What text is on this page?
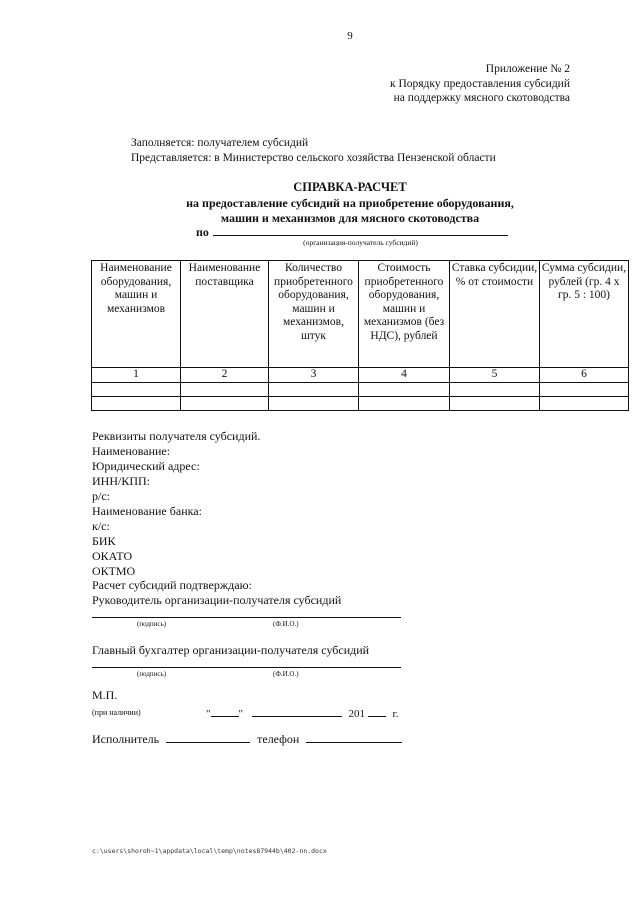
9
Приложение № 2
к Порядку предоставления субсидий
на поддержку мясного скотоводства
Заполняется: получателем субсидий
Представляется: в Министерство сельского хозяйства Пензенской области
СПРАВКА-РАСЧЕТ
на предоставление субсидий на приобретение оборудования,
машин и механизмов для мясного скотоводства
по
(организация-получатель субсидий)
Наименование оборудования, машин и механизмов	Наименование поставщика	Количество приобретенного оборудования, машин и механизмов, штук	Стоимость приобретенного оборудования, машин и механизмов (без НДС), рублей	Ставка субсидии, % от стоимости	Сумма субсидии, рублей (гр. 4 x гр. 5 : 100)
1	2	3	4	5	6

Реквизиты получателя субсидий.
Наименование:
Юридический адрес:
ИНН/КПП:
р/с:
Наименование банка:
к/с:
БИК
ОКАТО
ОКТМО
Расчет субсидий подтверждаю:
Руководитель организации-получателя субсидий
(подпись)	(Ф.И.О.)
Главный бухгалтер организации-получателя субсидий
(подпись)	(Ф.И.О.)
М.П.
(при наличии)	"	"	201	г.
Исполнитель	телефон
c:\users\shoroh~1\appdata\local\temp\notes87944b\402-nn.docx
